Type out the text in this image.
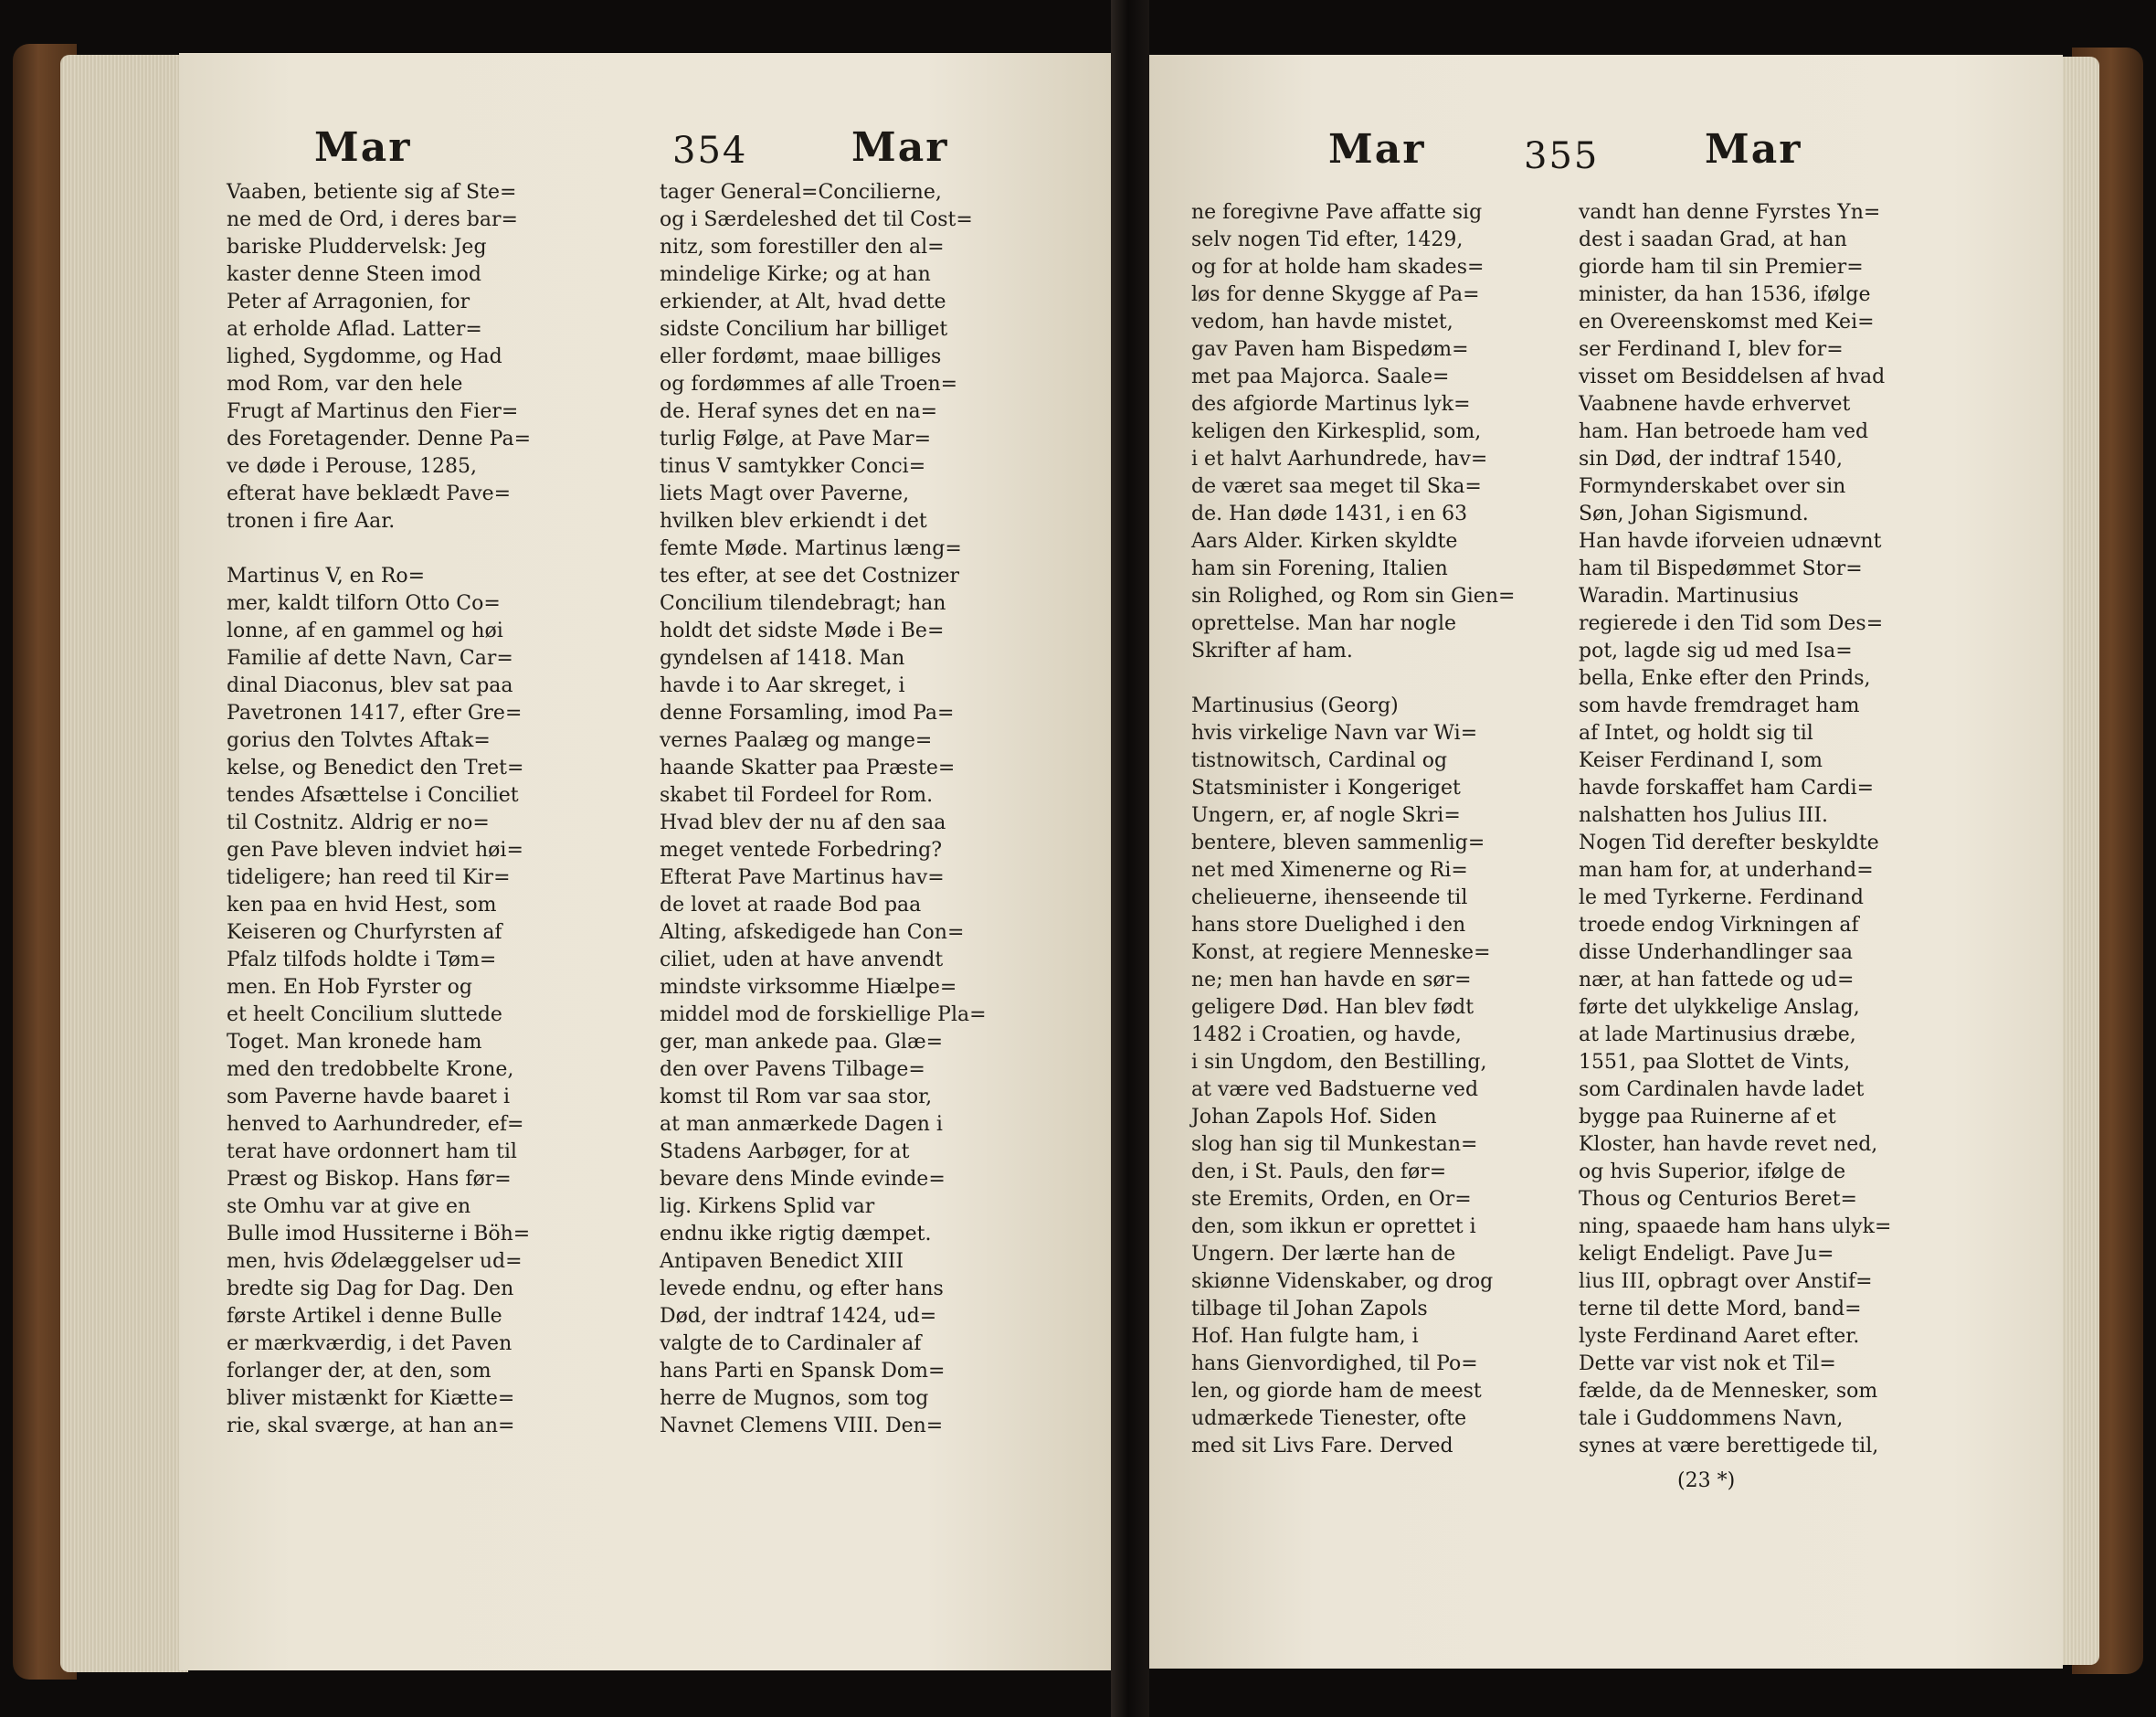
Mar	354	Mar
Vaaben, betiente sig af Ste=
ne med de Ord, i deres bar=
bariske Pluddervelsk: Jeg
kaster denne Steen imod
Peter af Arragonien, for
at erholde Aflad. Latter=
lighed, Sygdomme, og Had
mod Rom, var den hele
Frugt af Martinus den Fier=
des Foretagender. Denne Pa=
ve døde i Perouse, 1285,
efterat have beklædt Pave=
tronen i fire Aar.
Martinus V, en Ro=
mer, kaldt tilforn Otto Co=
lonne, af en gammel og høi
Familie af dette Navn, Car=
dinal Diaconus, blev sat paa
Pavetronen 1417, efter Gre=
gorius den Tolvtes Aftak=
kelse, og Benedict den Tret=
tendes Afsættelse i Conciliet
til Costnitz. Aldrig er no=
gen Pave bleven indviet høi=
tideligere; han reed til Kir=
ken paa en hvid Hest, som
Keiseren og Churfyrsten af
Pfalz tilfods holdte i Tøm=
men. En Hob Fyrster og
et heelt Concilium sluttede
Toget. Man kronede ham
med den tredobbelte Krone,
som Paverne havde baaret i
henved to Aarhundreder, ef=
terat have ordonnert ham til
Præst og Biskop. Hans før=
ste Omhu var at give en
Bulle imod Hussiterne i Böh=
men, hvis Ødelæggelser ud=
bredte sig Dag for Dag. Den
første Artikel i denne Bulle
er mærkværdig, i det Paven
forlanger der, at den, som
bliver mistænkt for Kiætte=
rie, skal sværge, at han an=
tager General=Concilierne,
og i Særdeleshed det til Cost=
nitz, som forestiller den al=
mindelige Kirke; og at han
erkiender, at Alt, hvad dette
sidste Concilium har billiget
eller fordømt, maae billiges
og fordømmes af alle Troen=
de. Heraf synes det en na=
turlig Følge, at Pave Mar=
tinus V samtykker Conci=
liets Magt over Paverne,
hvilken blev erkiendt i det
femte Møde. Martinus læng=
tes efter, at see det Costnizer
Concilium tilendebragt; han
holdt det sidste Møde i Be=
gyndelsen af 1418. Man
havde i to Aar skreget, i
denne Forsamling, imod Pa=
vernes Paalæg og mange=
haande Skatter paa Præste=
skabet til Fordeel for Rom.
Hvad blev der nu af den saa
meget ventede Forbedring?
Efterat Pave Martinus hav=
de lovet at raade Bod paa
Alting, afskedigede han Con=
ciliet, uden at have anvendt
mindste virksomme Hiælpe=
middel mod de forskiellige Pla=
ger, man ankede paa. Glæ=
den over Pavens Tilbage=
komst til Rom var saa stor,
at man anmærkede Dagen i
Stadens Aarbøger, for at
bevare dens Minde evinde=
lig. Kirkens Splid var
endnu ikke rigtig dæmpet.
Antipaven Benedict XIII
levede endnu, og efter hans
Død, der indtraf 1424, ud=
valgte de to Cardinaler af
hans Parti en Spansk Dom=
herre de Mugnos, som tog
Navnet Clemens VIII. Den=
Mar	355	Mar
ne foregivne Pave affatte sig
selv nogen Tid efter, 1429,
og for at holde ham skades=
løs for denne Skygge af Pa=
vedom, han havde mistet,
gav Paven ham Bispedøm=
met paa Majorca. Saale=
des afgiorde Martinus lyk=
keligen den Kirkesplid, som,
i et halvt Aarhundrede, hav=
de været saa meget til Ska=
de. Han døde 1431, i en 63
Aars Alder. Kirken skyldte
ham sin Forening, Italien
sin Rolighed, og Rom sin Gien=
oprettelse. Man har nogle
Skrifter af ham.
Martinusius (Georg)
hvis virkelige Navn var Wi=
tistnowitsch, Cardinal og
Statsminister i Kongeriget
Ungern, er, af nogle Skri=
bentere, bleven sammenlig=
net med Ximenerne og Ri=
chelieuerne, ihenseende til
hans store Duelighed i den
Konst, at regiere Menneske=
ne; men han havde en sør=
geligere Død. Han blev født
1482 i Croatien, og havde,
i sin Ungdom, den Bestilling,
at være ved Badstuerne ved
Johan Zapols Hof. Siden
slog han sig til Munkestan=
den, i St. Pauls, den før=
ste Eremits, Orden, en Or=
den, som ikkun er oprettet i
Ungern. Der lærte han de
skiønne Videnskaber, og drog
tilbage til Johan Zapols
Hof. Han fulgte ham, i
hans Gienvordighed, til Po=
len, og giorde ham de meest
udmærkede Tienester, ofte
med sit Livs Fare. Derved
vandt han denne Fyrstes Yn=
dest i saadan Grad, at han
giorde ham til sin Premier=
minister, da han 1536, ifølge
en Overeenskomst med Kei=
ser Ferdinand I, blev for=
visset om Besiddelsen af hvad
Vaabnene havde erhvervet
ham. Han betroede ham ved
sin Død, der indtraf 1540,
Formynderskabet over sin
Søn, Johan Sigismund.
Han havde iforveien udnævnt
ham til Bispedømmet Stor=
Waradin. Martinusius
regierede i den Tid som Des=
pot, lagde sig ud med Isa=
bella, Enke efter den Prinds,
som havde fremdraget ham
af Intet, og holdt sig til
Keiser Ferdinand I, som
havde forskaffet ham Cardi=
nalshatten hos Julius III.
Nogen Tid derefter beskyldte
man ham for, at underhand=
le med Tyrkerne. Ferdinand
troede endog Virkningen af
disse Underhandlinger saa
nær, at han fattede og ud=
førte det ulykkelige Anslag,
at lade Martinusius dræbe,
1551, paa Slottet de Vints,
som Cardinalen havde ladet
bygge paa Ruinerne af et
Kloster, han havde revet ned,
og hvis Superior, ifølge de
Thous og Centurios Beret=
ning, spaaede ham hans ulyk=
keligt Endeligt. Pave Ju=
lius III, opbragt over Anstif=
terne til dette Mord, band=
lyste Ferdinand Aaret efter.
Dette var vist nok et Til=
fælde, da de Mennesker, som
tale i Guddommens Navn,
synes at være berettigede til,
(23 *)
